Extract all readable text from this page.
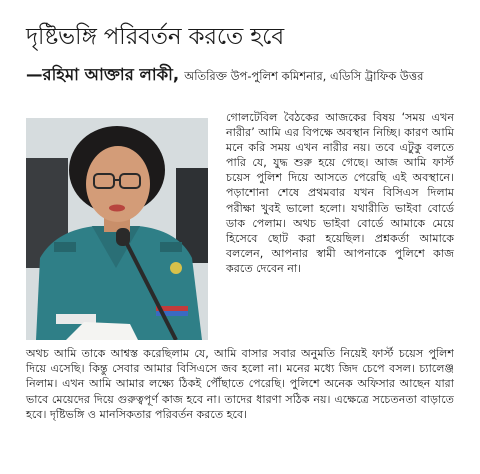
দৃষ্টিভঙ্গি পরিবর্তন করতে হবে
—রহিমা আক্তার লাকী, অতিরিক্ত উপ-পুলিশ কমিশনার, এডিসি ট্রাফিক উত্তর

গোলটেবিল বৈঠকের আজকের বিষয় ‘সময় এখন নারীর’ আমি এর বিপক্ষে অবস্থান নিচ্ছি। কারণ আমি মনে করি সময় এখন নারীর নয়। তবে এটুকু বলতে পারি যে, যুদ্ধ শুরু হয়ে গেছে। আজ আমি ফার্স্ট চয়েস পুলিশ দিয়ে আসতে পেরেছি এই অবস্থানে। পড়াশোনা শেষে প্রথমবার যখন বিসিএস দিলাম পরীক্ষা খুবই ভালো হলো। যথারীতি ভাইবা বোর্ডে ডাক পেলাম। অথচ ভাইবা বোর্ডে আমাকে মেয়ে হিসেবে ছোট করা হয়েছিল। প্রশ্নকর্তা আমাকে বললেন, আপনার স্বামী আপনাকে পুলিশে কাজ করতে দেবেন না।

অথচ আমি তাকে আশ্বস্ত করেছিলাম যে, আমি বাসার সবার অনুমতি নিয়েই ফার্স্ট চয়েস পুলিশ দিয়ে এসেছি। কিন্তু সেবার আমার বিসিএসে জব হলো না। মনের মধ্যে জিদ চেপে বসল। চ্যালেঞ্জ নিলাম। এখন আমি আমার লক্ষ্যে ঠিকই পৌঁছাতে পেরেছি। পুলিশে অনেক অফিসার আছেন যারা ভাবে মেয়েদের দিয়ে গুরুত্বপূর্ণ কাজ হবে না। তাদের ধারণা সঠিক নয়। এক্ষেত্রে সচেতনতা বাড়াতে হবে। দৃষ্টিভঙ্গি ও মানসিকতার পরিবর্তন করতে হবে।
